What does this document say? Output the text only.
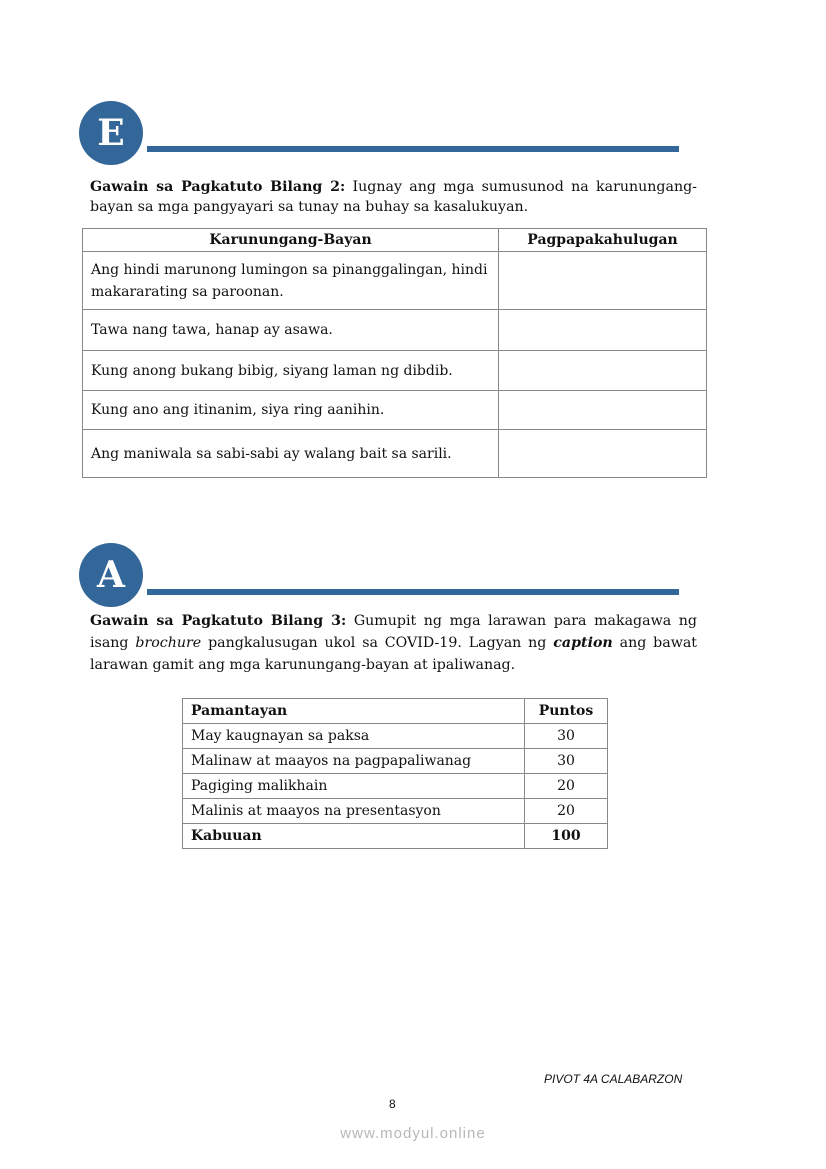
E
Gawain sa Pagkatuto Bilang 2: Iugnay ang mga sumusunod na karunungang-bayan sa mga pangyayari sa tunay na buhay sa kasalukuyan.
Karunungang-Bayan	Pagpapakahulugan
Ang hindi marunong lumingon sa pinanggalingan, hindi makararating sa paroonan.	
Tawa nang tawa, hanap ay asawa.	
Kung anong bukang bibig, siyang laman ng dibdib.	
Kung ano ang itinanim, siya ring aanihin.	
Ang maniwala sa sabi-sabi ay walang bait sa sarili.	
A
Gawain sa Pagkatuto Bilang 3: Gumupit ng mga larawan para makagawa ng isang brochure pangkalusugan ukol sa COVID-19. Lagyan ng caption ang bawat larawan gamit ang mga karunungang-bayan at ipaliwanag.
Pamantayan	Puntos
May kaugnayan sa paksa	30
Malinaw at maayos na pagpapaliwanag	30
Pagiging malikhain	20
Malinis at maayos na presentasyon	20
Kabuuan	100
PIVOT 4A CALABARZON
8
www.modyul.online
